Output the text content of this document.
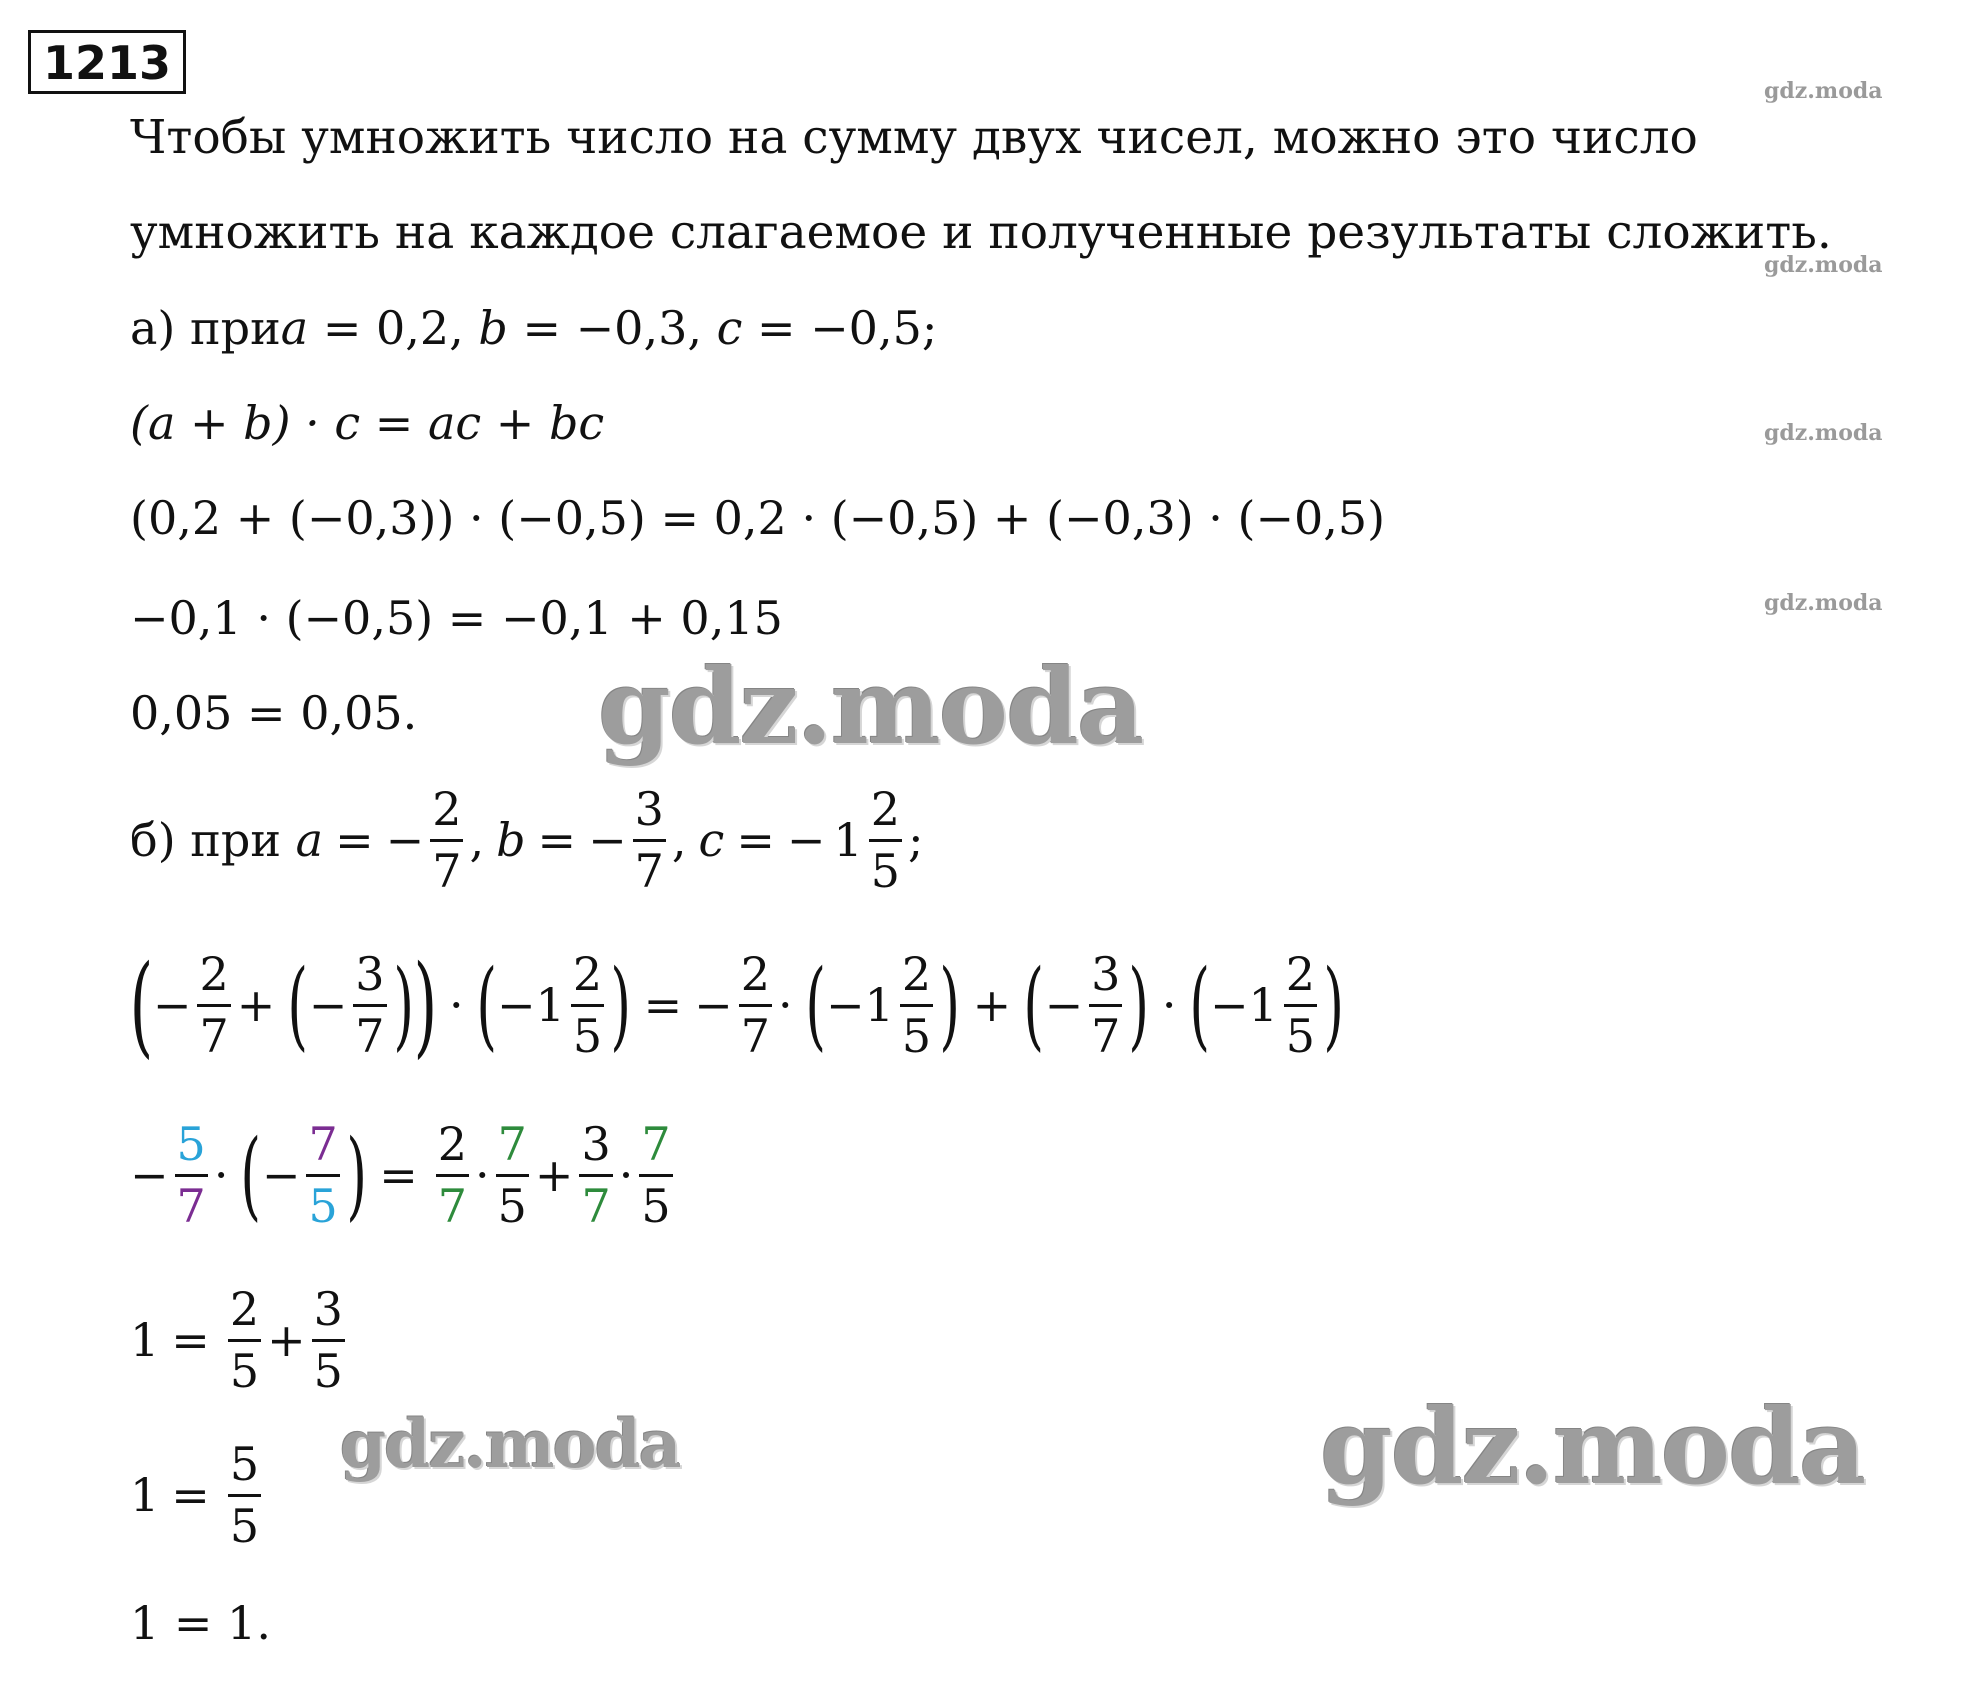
1213
gdz.moda
gdz.moda
gdz.moda
gdz.moda
Чтобы умножить число на сумму двух чисел, можно это число
умножить на каждое слагаемое и полученные результаты сложить.
а) при a = 0,2, b = −0,3, c = −0,5;
(a + b) · c = ac + bc
(0,2 + (−0,3)) · (−0,5) = 0,2 · (−0,5) + (−0,3) · (−0,5)
−0,1 · (−0,5) = −0,1 + 0,15
0,05 = 0,05.
б) при a = − $\frac{2}{7}$ , b = − $\frac{3}{7}$ , c = − $1 \frac{2}{5}$ ;
( − $\frac{2}{7}$ + ( − $\frac{3}{7}$ ) ) · ( − $1 \frac{2}{5}$ ) = − $\frac{2}{7}$ · ( − $1 \frac{2}{5}$ ) + ( − $\frac{3}{7}$ ) · ( − $1 \frac{2}{5}$ )
− $\frac{5}{7}$ · ( − $\frac{7}{5}$ ) = $\frac{2}{7} \cdot \frac{7}{5} + \frac{3}{7} \cdot \frac{7}{5}$
$1 = \frac{2}{5} + \frac{3}{5}$
$1 = \frac{5}{5}$
1 = 1.
gdz.moda
gdz.moda	gdz.moda
